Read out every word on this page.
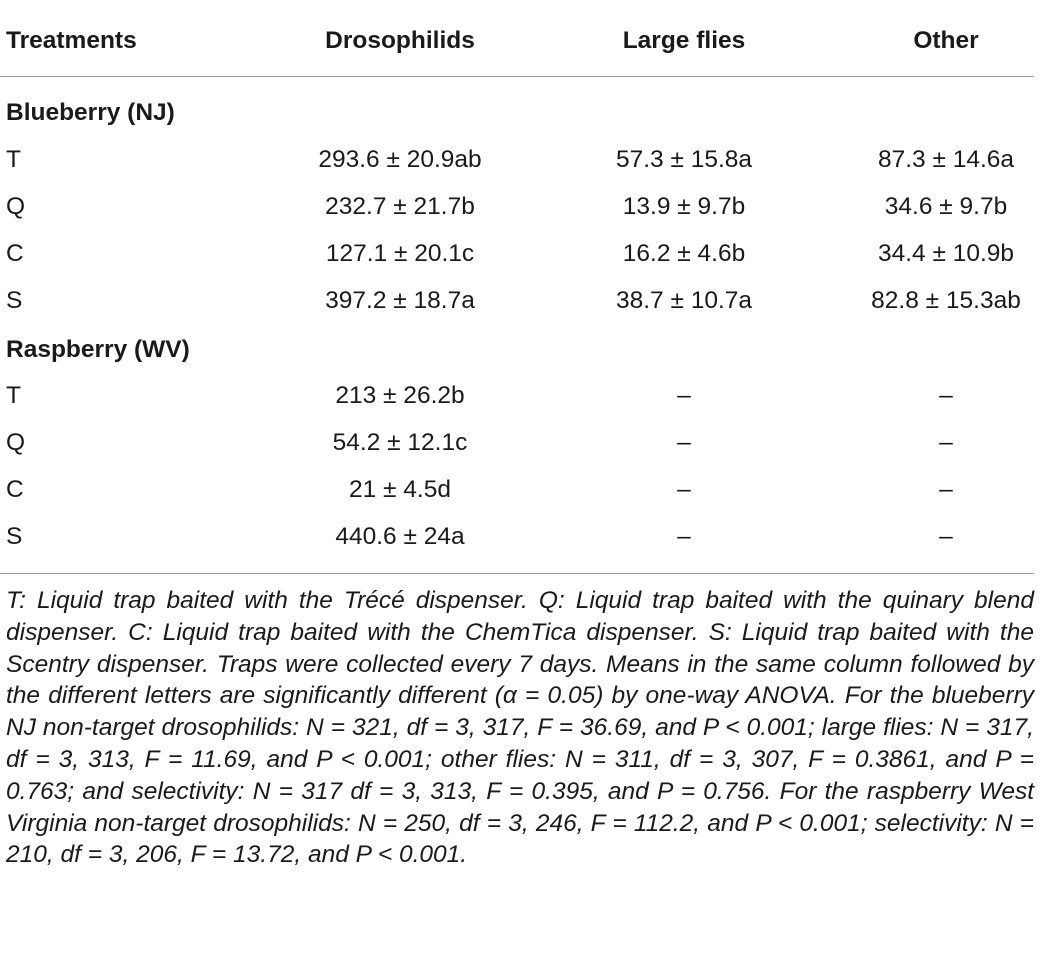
Treatments	Drosophilids	Large flies	Other
Blueberry (NJ)
T	293.6 ± 20.9ab	57.3 ± 15.8a	87.3 ± 14.6a
Q	232.7 ± 21.7b	13.9 ± 9.7b	34.6 ± 9.7b
C	127.1 ± 20.1c	16.2 ± 4.6b	34.4 ± 10.9b
S	397.2 ± 18.7a	38.7 ± 10.7a	82.8 ± 15.3ab
Raspberry (WV)
T	213 ± 26.2b	–	–
Q	54.2 ± 12.1c	–	–
C	21 ± 4.5d	–	–
S	440.6 ± 24a	–	–

T: Liquid trap baited with the Trécé dispenser. Q: Liquid trap baited with the quinary blend dispenser. C: Liquid trap baited with the ChemTica dispenser. S: Liquid trap baited with the Scentry dispenser. Traps were collected every 7 days. Means in the same column followed by the different letters are significantly different (α = 0.05) by one-way ANOVA. For the blueberry NJ non-target drosophilids: N = 321, df = 3, 317, F = 36.69, and P < 0.001; large flies: N = 317, df = 3, 313, F = 11.69, and P < 0.001; other flies: N = 311, df = 3, 307, F = 0.3861, and P = 0.763; and selectivity: N = 317 df = 3, 313, F = 0.395, and P = 0.756. For the raspberry West Virginia non-target drosophilids: N = 250, df = 3, 246, F = 112.2, and P < 0.001; selectivity: N = 210, df = 3, 206, F = 13.72, and P < 0.001.
